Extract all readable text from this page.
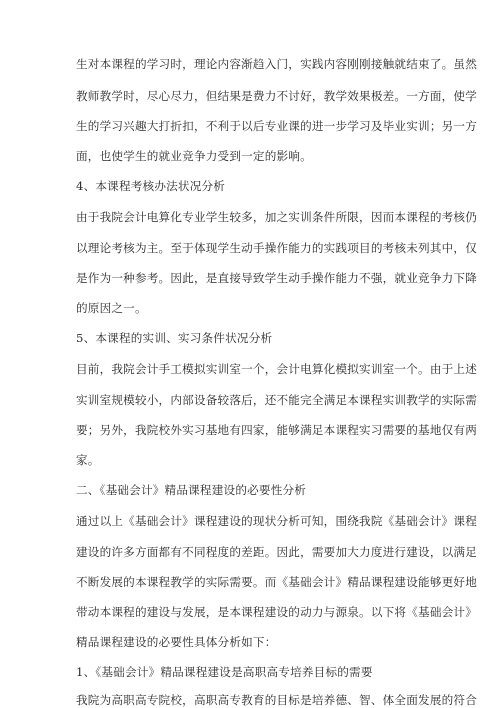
生对本课程的学习时，理论内容渐趋入门，实践内容刚刚接触就结束了。虽然
教师教学时，尽心尽力，但结果是费力不讨好，教学效果极差。一方面，使学
生的学习兴趣大打折扣，不利于以后专业课的进一步学习及毕业实训；另一方
面，也使学生的就业竞争力受到一定的影响。
4、本课程考核办法状况分析
由于我院会计电算化专业学生较多，加之实训条件所限，因而本课程的考核仍
以理论考核为主。至于体现学生动手操作能力的实践项目的考核未列其中，仅
是作为一种参考。因此，是直接导致学生动手操作能力不强，就业竞争力下降
的原因之一。
5、本课程的实训、实习条件状况分析
目前，我院会计手工模拟实训室一个，会计电算化模拟实训室一个。由于上述
实训室规模较小，内部设备较落后，还不能完全满足本课程实训教学的实际需
要；另外，我院校外实习基地有四家，能够满足本课程实习需要的基地仅有两
家。
二、《基础会计》精品课程建设的必要性分析
通过以上《基础会计》课程建设的现状分析可知，围绕我院《基础会计》课程
建设的许多方面都有不同程度的差距。因此，需要加大力度进行建设，以满足
不断发展的本课程教学的实际需要。而《基础会计》精品课程建设能够更好地
带动本课程的建设与发展，是本课程建设的动力与源泉。以下将《基础会计》
精品课程建设的必要性具体分析如下：
1、《基础会计》精品课程建设是高职高专培养目标的需要
我院为高职高专院校，高职高专教育的目标是培养德、智、体全面发展的符合
